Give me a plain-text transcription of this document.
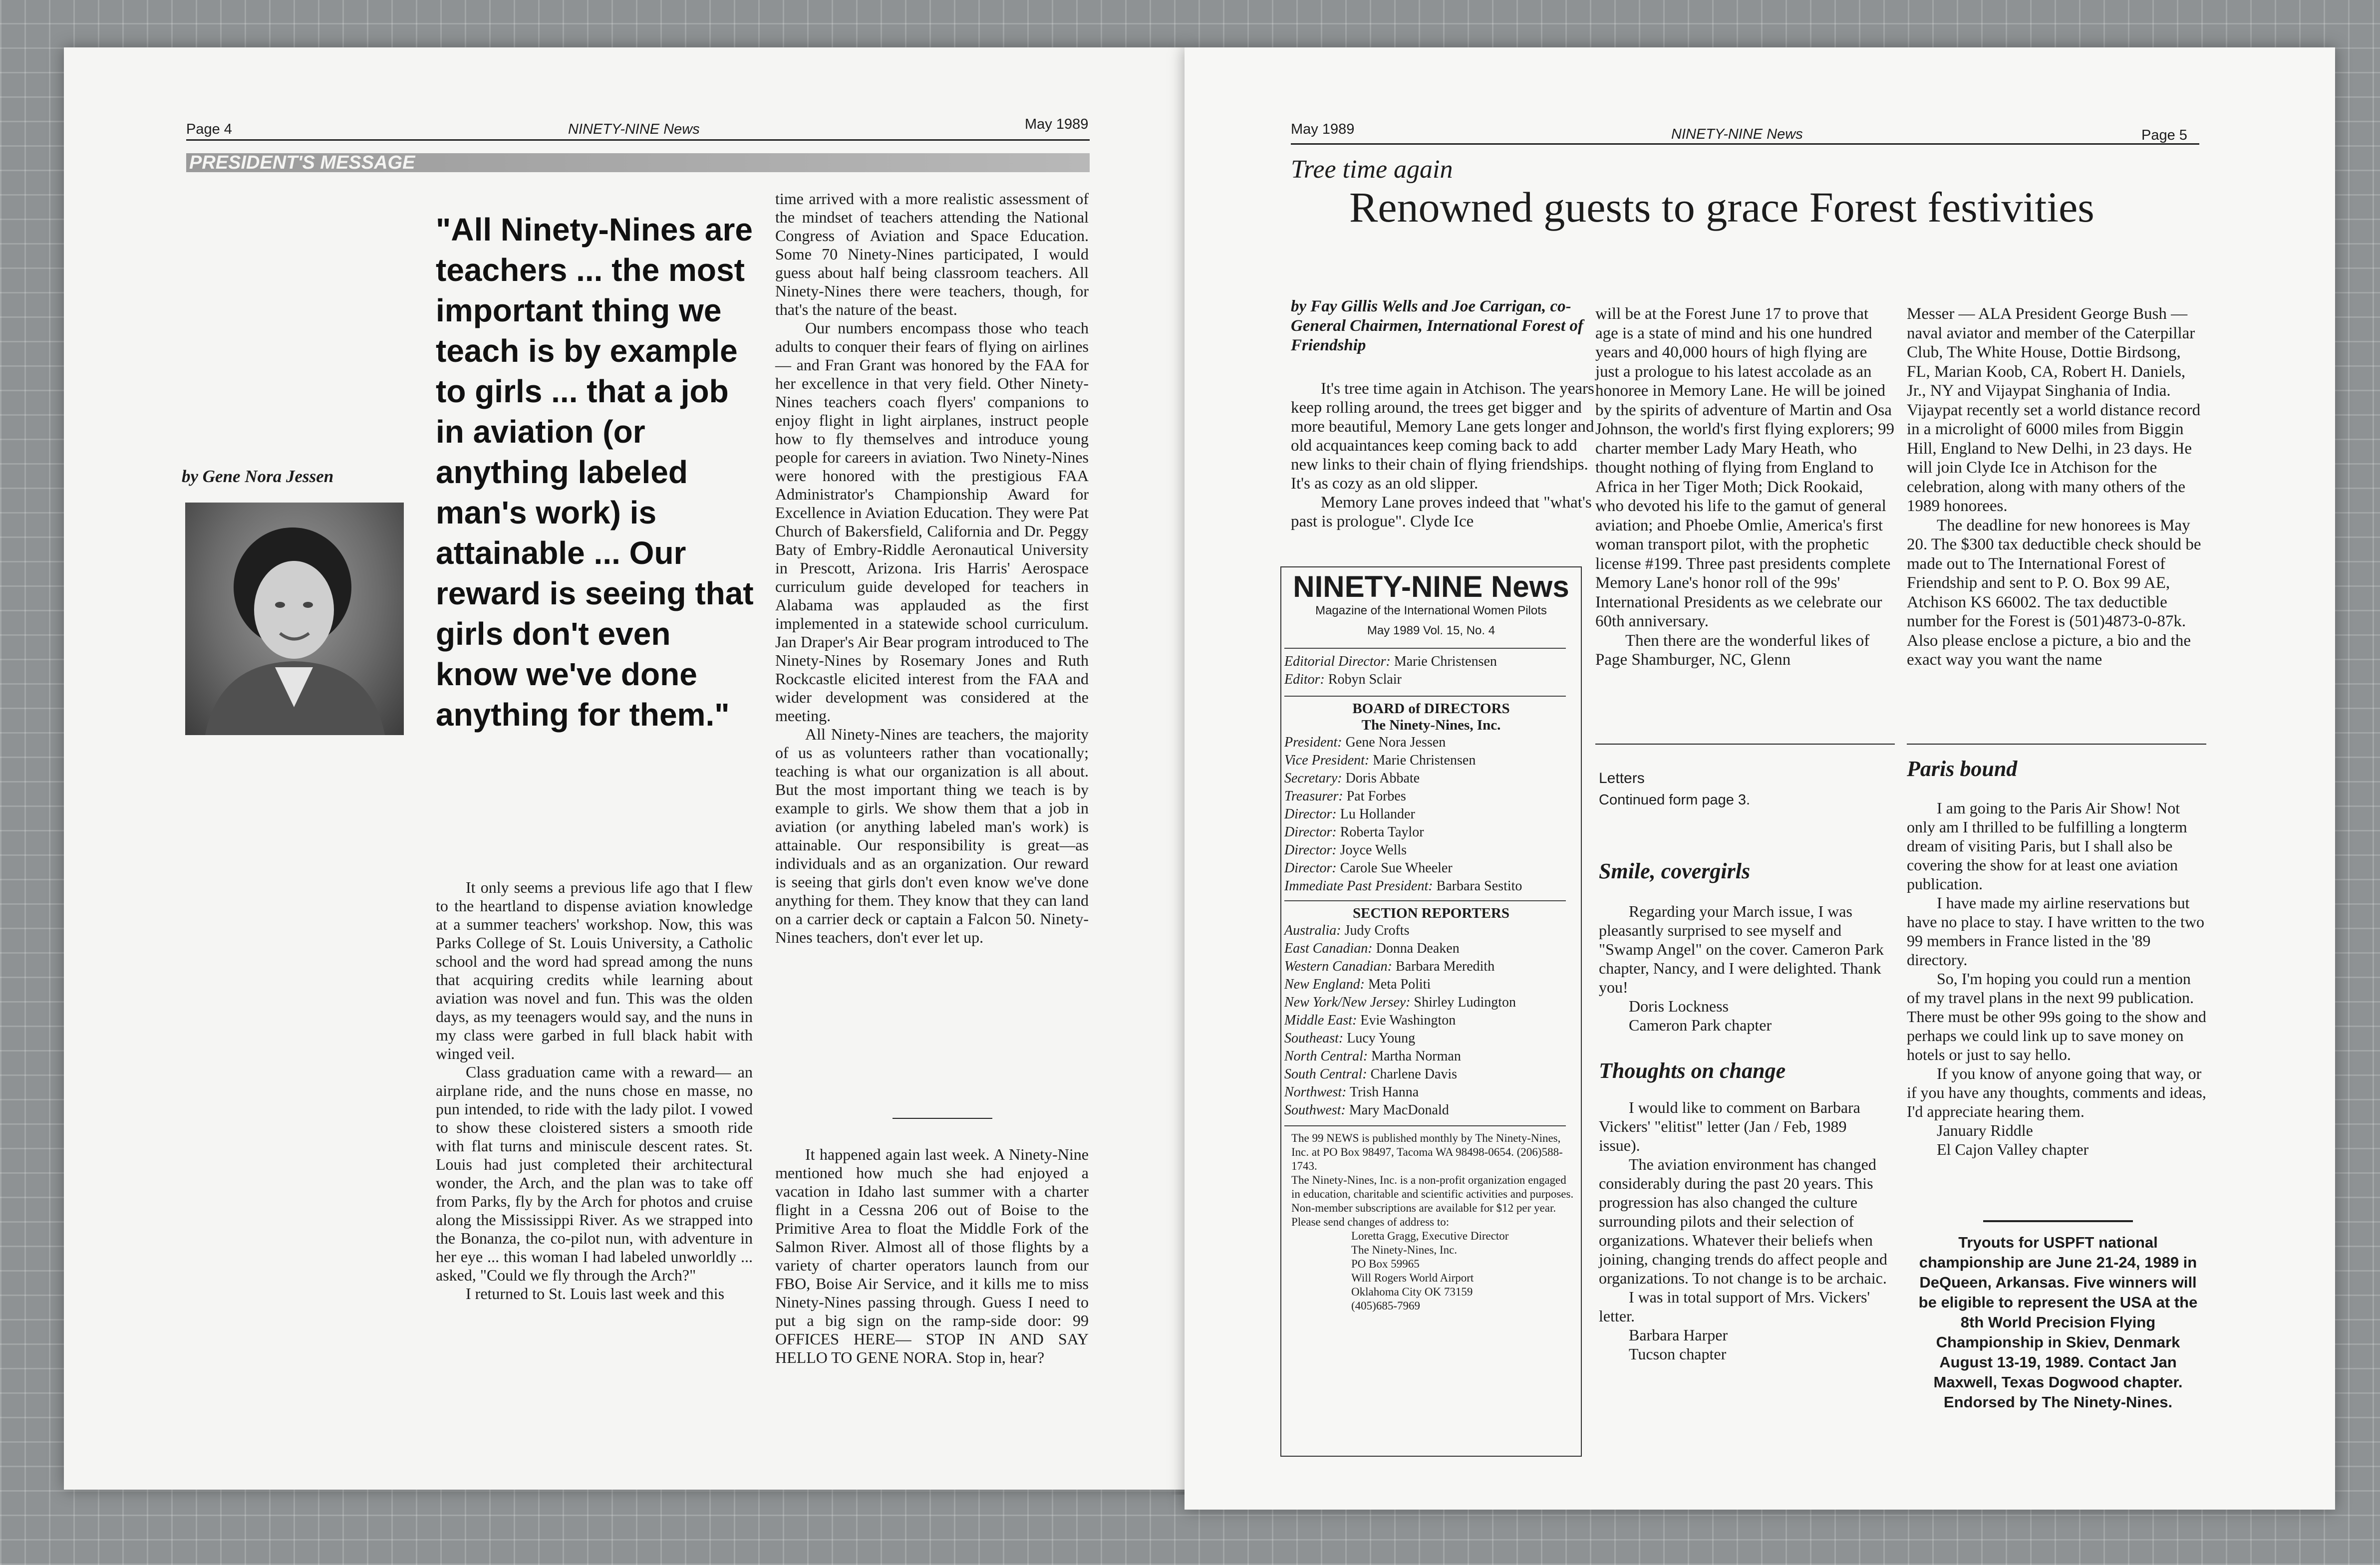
Page 4	NINETY-NINE News	May 1989
PRESIDENT'S MESSAGE
"All Ninety-Nines are teachers ... the most important thing we teach is by example to girls ... that a job in aviation (or anything labeled man's work) is attainable ... Our reward is seeing that girls don't even know we've done anything for them."
by Gene Nora Jessen

It only seems a previous life ago that I flew to the heartland to dispense aviation knowledge at a summer teachers' workshop. Now, this was Parks College of St. Louis University, a Catholic school and the word had spread among the nuns that acquiring credits while learning about aviation was novel and fun. This was the olden days, as my teenagers would say, and the nuns in my class were garbed in full black habit with winged veil.

Class graduation came with a reward— an airplane ride, and the nuns chose en masse, no pun intended, to ride with the lady pilot. I vowed to show these cloistered sisters a smooth ride with flat turns and miniscule descent rates. St. Louis had just completed their architectural wonder, the Arch, and the plan was to take off from Parks, fly by the Arch for photos and cruise along the Mississippi River. As we strapped into the Bonanza, the co-pilot nun, with adventure in her eye ... this woman I had labeled unworldly ... asked, "Could we fly through the Arch?"

I returned to St. Louis last week and this

time arrived with a more realistic assessment of the mindset of teachers attending the National Congress of Aviation and Space Education. Some 70 Ninety-Nines participated, I would guess about half being classroom teachers. All Ninety-Nines there were teachers, though, for that's the nature of the beast.

Our numbers encompass those who teach adults to conquer their fears of flying on airlines — and Fran Grant was honored by the FAA for her excellence in that very field. Other Ninety-Nines teachers coach flyers' companions to enjoy flight in light airplanes, instruct people how to fly themselves and introduce young people for careers in aviation. Two Ninety-Nines were honored with the prestigious FAA Administrator's Championship Award for Excellence in Aviation Education. They were Pat Church of Bakersfield, California and Dr. Peggy Baty of Embry-Riddle Aeronautical University in Prescott, Arizona. Iris Harris' Aerospace curriculum guide developed for teachers in Alabama was applauded as the first implemented in a statewide school curriculum. Jan Draper's Air Bear program introduced to The Ninety-Nines by Rosemary Jones and Ruth Rockcastle elicited interest from the FAA and wider development was considered at the meeting.

All Ninety-Nines are teachers, the majority of us as volunteers rather than vocationally; teaching is what our organization is all about. But the most important thing we teach is by example to girls. We show them that a job in aviation (or anything labeled man's work) is attainable. Our responsibility is great—as individuals and as an organization. Our reward is seeing that girls don't even know we've done anything for them. They know that they can land on a carrier deck or captain a Falcon 50. Ninety-Nines teachers, don't ever let up.

It happened again last week. A Ninety-Nine mentioned how much she had enjoyed a vacation in Idaho last summer with a charter flight in a Cessna 206 out of Boise to the Primitive Area to float the Middle Fork of the Salmon River. Almost all of those flights by a variety of charter operators launch from our FBO, Boise Air Service, and it kills me to miss Ninety-Nines passing through. Guess I need to put a big sign on the ramp-side door: 99 OFFICES HERE— STOP IN AND SAY HELLO TO GENE NORA. Stop in, hear?

May 1989	NINETY-NINE News	Page 5
Tree time again
Renowned guests to grace Forest festivities
by Fay Gillis Wells and Joe Carrigan, co-General Chairmen, International Forest of Friendship

It's tree time again in Atchison. The years keep rolling around, the trees get bigger and more beautiful, Memory Lane gets longer and old acquaintances keep coming back to add new links to their chain of flying friendships. It's as cozy as an old slipper.

Memory Lane proves indeed that "what's past is prologue". Clyde Ice

will be at the Forest June 17 to prove that age is a state of mind and his one hundred years and 40,000 hours of high flying are just a prologue to his latest accolade as an honoree in Memory Lane. He will be joined by the spirits of adventure of Martin and Osa Johnson, the world's first flying explorers; 99 charter member Lady Mary Heath, who thought nothing of flying from England to Africa in her Tiger Moth; Dick Rookaid, who devoted his life to the gamut of general aviation; and Phoebe Omlie, America's first woman transport pilot, with the prophetic license #199. Three past presidents complete Memory Lane's honor roll of the 99s' International Presidents as we celebrate our 60th anniversary.

Then there are the wonderful likes of Page Shamburger, NC, Glenn

Messer — ALA President George Bush — naval aviator and member of the Caterpillar Club, The White House, Dottie Birdsong, FL, Marian Koob, CA, Robert H. Daniels, Jr., NY and Vijaypat Singhania of India. Vijaypat recently set a world distance record in a microlight of 6000 miles from Biggin Hill, England to New Delhi, in 23 days. He will join Clyde Ice in Atchison for the celebration, along with many others of the 1989 honorees.

The deadline for new honorees is May 20. The $300 tax deductible check should be made out to The International Forest of Friendship and sent to P. O. Box 99 AE, Atchison KS 66002. The tax deductible number for the Forest is (501)4873-0-87k. Also please enclose a picture, a bio and the exact way you want the name

NINETY-NINE News
Magazine of the International Women Pilots
May 1989 Vol. 15, No. 4
Editorial Director: Marie Christensen
Editor: Robyn Sclair
BOARD of DIRECTORS
The Ninety-Nines, Inc.
President: Gene Nora Jessen
Vice President: Marie Christensen
Secretary: Doris Abbate
Treasurer: Pat Forbes
Director: Lu Hollander
Director: Roberta Taylor
Director: Joyce Wells
Director: Carole Sue Wheeler
Immediate Past President: Barbara Sestito
SECTION REPORTERS
Australia: Judy Crofts
East Canadian: Donna Deaken
Western Canadian: Barbara Meredith
New England: Meta Politi
New York/New Jersey: Shirley Ludington
Middle East: Evie Washington
Southeast: Lucy Young
North Central: Martha Norman
South Central: Charlene Davis
Northwest: Trish Hanna
Southwest: Mary MacDonald
The 99 NEWS is published monthly by The Ninety-Nines, Inc. at PO Box 98497, Tacoma WA 98498-0654. (206)588-1743.
The Ninety-Nines, Inc. is a non-profit organization engaged in education, charitable and scientific activities and purposes.
Non-member subscriptions are available for $12 per year. Please send changes of address to:
Loretta Gragg, Executive Director
The Ninety-Nines, Inc.
PO Box 59965
Will Rogers World Airport
Oklahoma City OK 73159
(405)685-7969
Letters
Continued form page 3.
Smile, covergirls

Regarding your March issue, I was pleasantly surprised to see myself and "Swamp Angel" on the cover. Cameron Park chapter, Nancy, and I were delighted. Thank you!

Doris Lockness
Cameron Park chapter
Thoughts on change

I would like to comment on Barbara Vickers' "elitist" letter (Jan / Feb, 1989 issue).

The aviation environment has changed considerably during the past 20 years. This progression has also changed the culture surrounding pilots and their selection of organizations. Whatever their beliefs when joining, changing trends do affect people and organizations. To not change is to be archaic.

I was in total support of Mrs. Vickers' letter.

Barbara Harper
Tucson chapter
Paris bound

I am going to the Paris Air Show! Not only am I thrilled to be fulfilling a longterm dream of visiting Paris, but I shall also be covering the show for at least one aviation publication.

I have made my airline reservations but have no place to stay. I have written to the two 99 members in France listed in the '89 directory.

So, I'm hoping you could run a mention of my travel plans in the next 99 publication. There must be other 99s going to the show and perhaps we could link up to save money on hotels or just to say hello.

If you know of anyone going that way, or if you have any thoughts, comments and ideas, I'd appreciate hearing them.

January Riddle
El Cajon Valley chapter
Tryouts for USPFT national championship are June 21-24, 1989 in DeQueen, Arkansas. Five winners will be eligible to represent the USA at the 8th World Precision Flying Championship in Skiev, Denmark August 13-19, 1989. Contact Jan Maxwell, Texas Dogwood chapter. Endorsed by The Ninety-Nines.
